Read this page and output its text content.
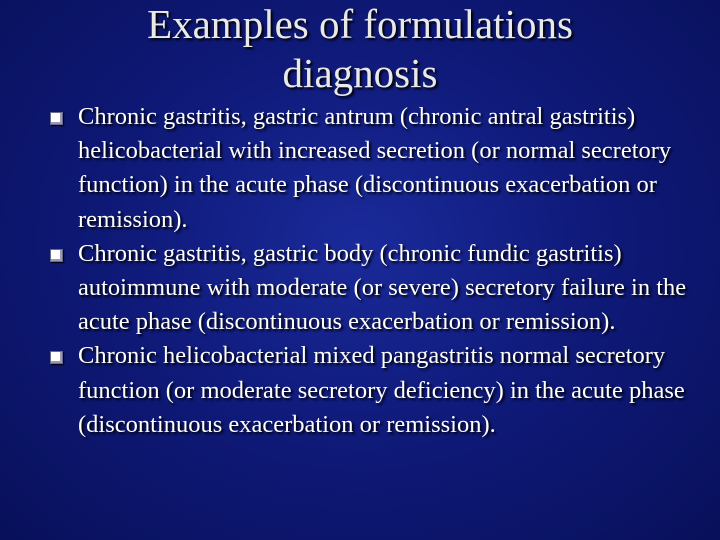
Examples of formulations
diagnosis
Chronic gastritis, gastric antrum (chronic antral gastritis) helicobacterial with increased secretion (or normal secretory function) in the acute phase (discontinuous exacerbation or remission).
Chronic gastritis, gastric body (chronic fundic gastritis) autoimmune with moderate (or severe) secretory failure in the acute phase (discontinuous exacerbation or remission).
Chronic helicobacterial mixed pangastritis normal secretory function (or moderate secretory deficiency) in the acute phase (discontinuous exacerbation or remission).
